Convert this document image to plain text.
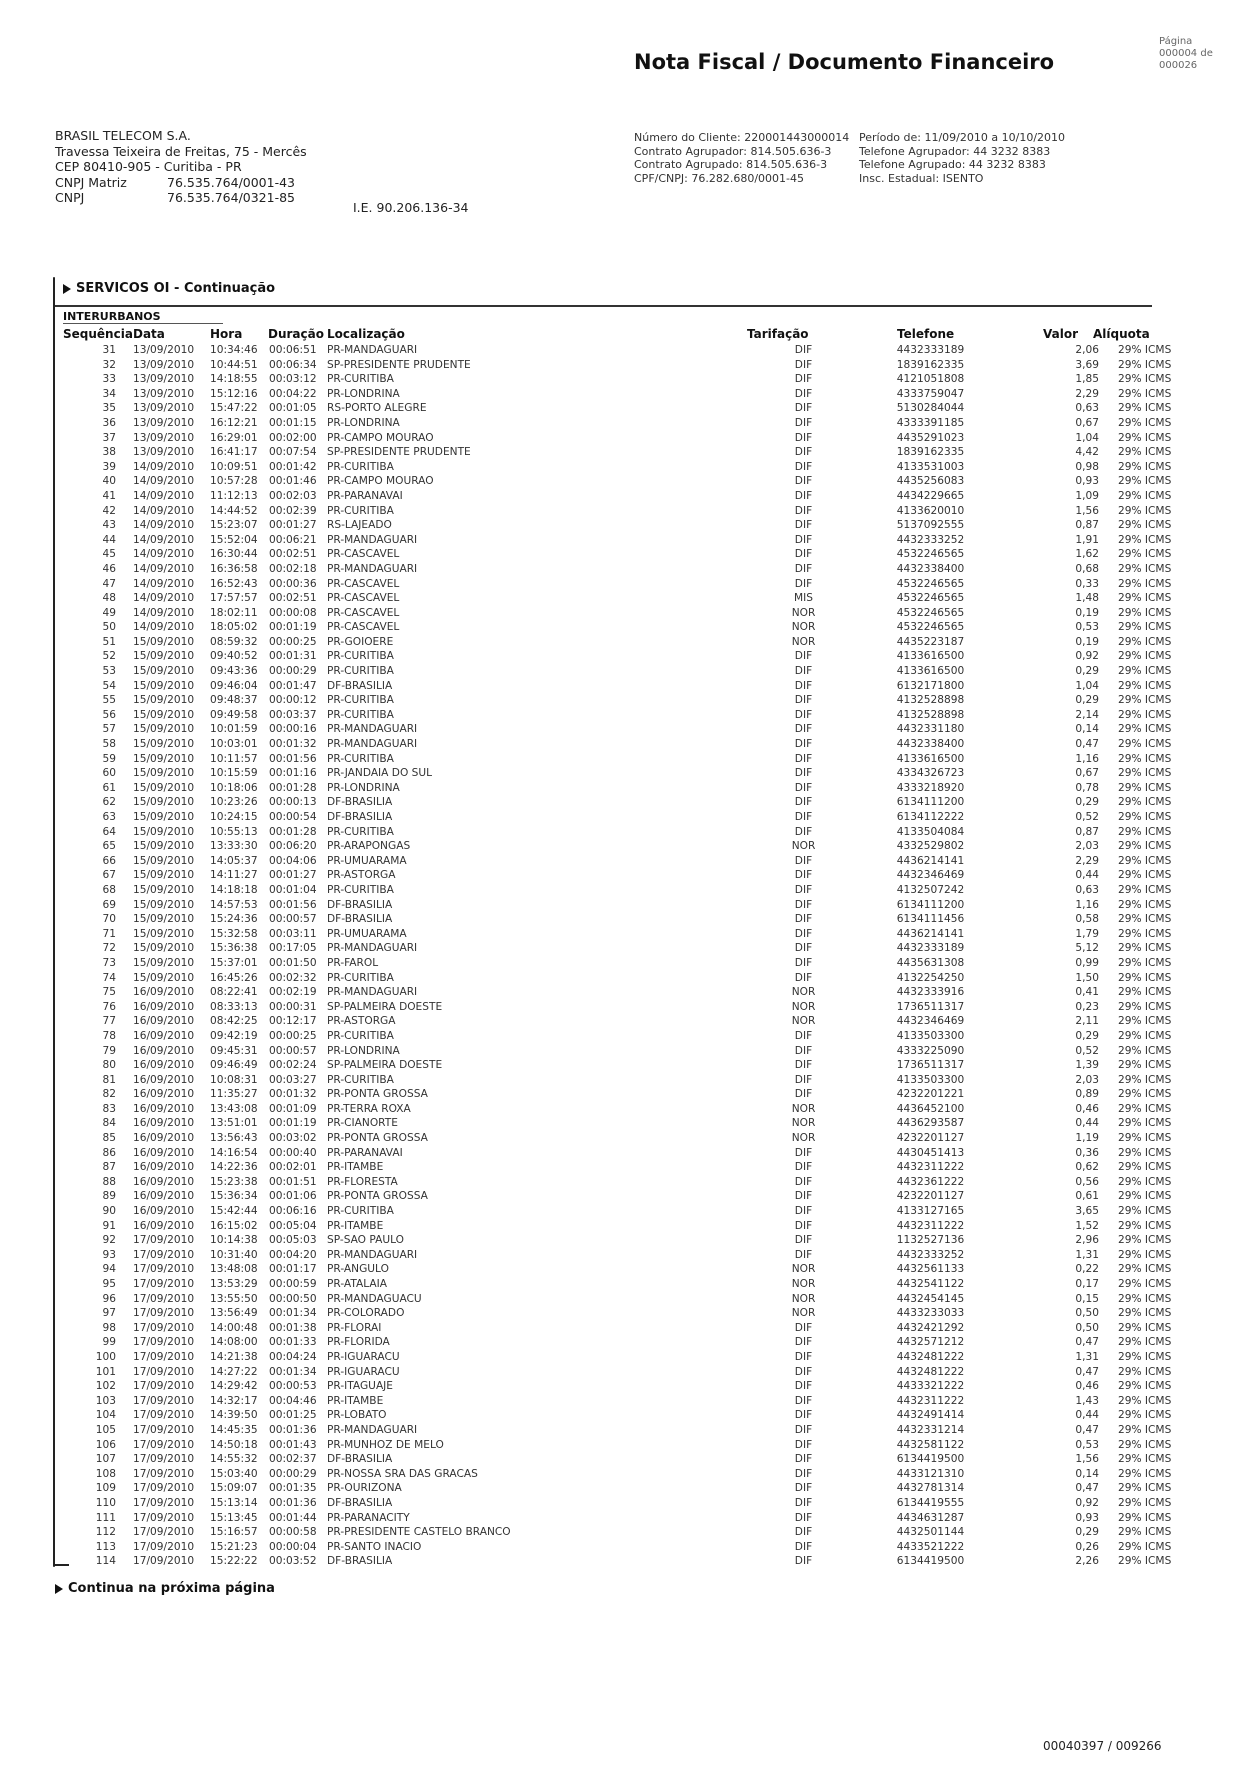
Nota Fiscal / Documento Financeiro
Página
000004 de 000026
BRASIL TELECOM S.A.
Travessa Teixeira de Freitas, 75 - Mercês
CEP 80410-905 - Curitiba - PR
CNPJ Matriz	76.535.764/0001-43
CNPJ	76.535.764/0321-85
I.E. 90.206.136-34
Número do Cliente: 220001443000014
Contrato Agrupador: 814.505.636-3
Contrato Agrupado: 814.505.636-3
CPF/CNPJ: 76.282.680/0001-45
Período de: 11/09/2010 a 10/10/2010
Telefone Agrupador: 44 3232 8383
Telefone Agrupado: 44 3232 8383
Insc. Estadual: ISENTO
SERVICOS OI - Continuação
INTERURBANOS
Sequência Data	Hora Duração Localização	Tarifação	Telefone	Valor Alíquota
31	13/09/2010	10:34:46	00:06:51	PR-MANDAGUARI	DIF	4432333189	2,06	29% ICMS
32	13/09/2010	10:44:51	00:06:34	SP-PRESIDENTE PRUDENTE	DIF	1839162335	3,69	29% ICMS
33	13/09/2010	14:18:55	00:03:12	PR-CURITIBA	DIF	4121051808	1,85	29% ICMS
34	13/09/2010	15:12:16	00:04:22	PR-LONDRINA	DIF	4333759047	2,29	29% ICMS
35	13/09/2010	15:47:22	00:01:05	RS-PORTO ALEGRE	DIF	5130284044	0,63	29% ICMS
36	13/09/2010	16:12:21	00:01:15	PR-LONDRINA	DIF	4333391185	0,67	29% ICMS
37	13/09/2010	16:29:01	00:02:00	PR-CAMPO MOURAO	DIF	4435291023	1,04	29% ICMS
38	13/09/2010	16:41:17	00:07:54	SP-PRESIDENTE PRUDENTE	DIF	1839162335	4,42	29% ICMS
39	14/09/2010	10:09:51	00:01:42	PR-CURITIBA	DIF	4133531003	0,98	29% ICMS
40	14/09/2010	10:57:28	00:01:46	PR-CAMPO MOURAO	DIF	4435256083	0,93	29% ICMS
41	14/09/2010	11:12:13	00:02:03	PR-PARANAVAI	DIF	4434229665	1,09	29% ICMS
42	14/09/2010	14:44:52	00:02:39	PR-CURITIBA	DIF	4133620010	1,56	29% ICMS
43	14/09/2010	15:23:07	00:01:27	RS-LAJEADO	DIF	5137092555	0,87	29% ICMS
44	14/09/2010	15:52:04	00:06:21	PR-MANDAGUARI	DIF	4432333252	1,91	29% ICMS
45	14/09/2010	16:30:44	00:02:51	PR-CASCAVEL	DIF	4532246565	1,62	29% ICMS
46	14/09/2010	16:36:58	00:02:18	PR-MANDAGUARI	DIF	4432338400	0,68	29% ICMS
47	14/09/2010	16:52:43	00:00:36	PR-CASCAVEL	DIF	4532246565	0,33	29% ICMS
48	14/09/2010	17:57:57	00:02:51	PR-CASCAVEL	MIS	4532246565	1,48	29% ICMS
49	14/09/2010	18:02:11	00:00:08	PR-CASCAVEL	NOR	4532246565	0,19	29% ICMS
50	14/09/2010	18:05:02	00:01:19	PR-CASCAVEL	NOR	4532246565	0,53	29% ICMS
51	15/09/2010	08:59:32	00:00:25	PR-GOIOERE	NOR	4435223187	0,19	29% ICMS
52	15/09/2010	09:40:52	00:01:31	PR-CURITIBA	DIF	4133616500	0,92	29% ICMS
53	15/09/2010	09:43:36	00:00:29	PR-CURITIBA	DIF	4133616500	0,29	29% ICMS
54	15/09/2010	09:46:04	00:01:47	DF-BRASILIA	DIF	6132171800	1,04	29% ICMS
55	15/09/2010	09:48:37	00:00:12	PR-CURITIBA	DIF	4132528898	0,29	29% ICMS
56	15/09/2010	09:49:58	00:03:37	PR-CURITIBA	DIF	4132528898	2,14	29% ICMS
57	15/09/2010	10:01:59	00:00:16	PR-MANDAGUARI	DIF	4432331180	0,14	29% ICMS
58	15/09/2010	10:03:01	00:01:32	PR-MANDAGUARI	DIF	4432338400	0,47	29% ICMS
59	15/09/2010	10:11:57	00:01:56	PR-CURITIBA	DIF	4133616500	1,16	29% ICMS
60	15/09/2010	10:15:59	00:01:16	PR-JANDAIA DO SUL	DIF	4334326723	0,67	29% ICMS
61	15/09/2010	10:18:06	00:01:28	PR-LONDRINA	DIF	4333218920	0,78	29% ICMS
62	15/09/2010	10:23:26	00:00:13	DF-BRASILIA	DIF	6134111200	0,29	29% ICMS
63	15/09/2010	10:24:15	00:00:54	DF-BRASILIA	DIF	6134112222	0,52	29% ICMS
64	15/09/2010	10:55:13	00:01:28	PR-CURITIBA	DIF	4133504084	0,87	29% ICMS
65	15/09/2010	13:33:30	00:06:20	PR-ARAPONGAS	NOR	4332529802	2,03	29% ICMS
66	15/09/2010	14:05:37	00:04:06	PR-UMUARAMA	DIF	4436214141	2,29	29% ICMS
67	15/09/2010	14:11:27	00:01:27	PR-ASTORGA	DIF	4432346469	0,44	29% ICMS
68	15/09/2010	14:18:18	00:01:04	PR-CURITIBA	DIF	4132507242	0,63	29% ICMS
69	15/09/2010	14:57:53	00:01:56	DF-BRASILIA	DIF	6134111200	1,16	29% ICMS
70	15/09/2010	15:24:36	00:00:57	DF-BRASILIA	DIF	6134111456	0,58	29% ICMS
71	15/09/2010	15:32:58	00:03:11	PR-UMUARAMA	DIF	4436214141	1,79	29% ICMS
72	15/09/2010	15:36:38	00:17:05	PR-MANDAGUARI	DIF	4432333189	5,12	29% ICMS
73	15/09/2010	15:37:01	00:01:50	PR-FAROL	DIF	4435631308	0,99	29% ICMS
74	15/09/2010	16:45:26	00:02:32	PR-CURITIBA	DIF	4132254250	1,50	29% ICMS
75	16/09/2010	08:22:41	00:02:19	PR-MANDAGUARI	NOR	4432333916	0,41	29% ICMS
76	16/09/2010	08:33:13	00:00:31	SP-PALMEIRA DOESTE	NOR	1736511317	0,23	29% ICMS
77	16/09/2010	08:42:25	00:12:17	PR-ASTORGA	NOR	4432346469	2,11	29% ICMS
78	16/09/2010	09:42:19	00:00:25	PR-CURITIBA	DIF	4133503300	0,29	29% ICMS
79	16/09/2010	09:45:31	00:00:57	PR-LONDRINA	DIF	4333225090	0,52	29% ICMS
80	16/09/2010	09:46:49	00:02:24	SP-PALMEIRA DOESTE	DIF	1736511317	1,39	29% ICMS
81	16/09/2010	10:08:31	00:03:27	PR-CURITIBA	DIF	4133503300	2,03	29% ICMS
82	16/09/2010	11:35:27	00:01:32	PR-PONTA GROSSA	DIF	4232201221	0,89	29% ICMS
83	16/09/2010	13:43:08	00:01:09	PR-TERRA ROXA	NOR	4436452100	0,46	29% ICMS
84	16/09/2010	13:51:01	00:01:19	PR-CIANORTE	NOR	4436293587	0,44	29% ICMS
85	16/09/2010	13:56:43	00:03:02	PR-PONTA GROSSA	NOR	4232201127	1,19	29% ICMS
86	16/09/2010	14:16:54	00:00:40	PR-PARANAVAI	DIF	4430451413	0,36	29% ICMS
87	16/09/2010	14:22:36	00:02:01	PR-ITAMBE	DIF	4432311222	0,62	29% ICMS
88	16/09/2010	15:23:38	00:01:51	PR-FLORESTA	DIF	4432361222	0,56	29% ICMS
89	16/09/2010	15:36:34	00:01:06	PR-PONTA GROSSA	DIF	4232201127	0,61	29% ICMS
90	16/09/2010	15:42:44	00:06:16	PR-CURITIBA	DIF	4133127165	3,65	29% ICMS
91	16/09/2010	16:15:02	00:05:04	PR-ITAMBE	DIF	4432311222	1,52	29% ICMS
92	17/09/2010	10:14:38	00:05:03	SP-SAO PAULO	DIF	1132527136	2,96	29% ICMS
93	17/09/2010	10:31:40	00:04:20	PR-MANDAGUARI	DIF	4432333252	1,31	29% ICMS
94	17/09/2010	13:48:08	00:01:17	PR-ANGULO	NOR	4432561133	0,22	29% ICMS
95	17/09/2010	13:53:29	00:00:59	PR-ATALAIA	NOR	4432541122	0,17	29% ICMS
96	17/09/2010	13:55:50	00:00:50	PR-MANDAGUACU	NOR	4432454145	0,15	29% ICMS
97	17/09/2010	13:56:49	00:01:34	PR-COLORADO	NOR	4433233033	0,50	29% ICMS
98	17/09/2010	14:00:48	00:01:38	PR-FLORAI	DIF	4432421292	0,50	29% ICMS
99	17/09/2010	14:08:00	00:01:33	PR-FLORIDA	DIF	4432571212	0,47	29% ICMS
100	17/09/2010	14:21:38	00:04:24	PR-IGUARACU	DIF	4432481222	1,31	29% ICMS
101	17/09/2010	14:27:22	00:01:34	PR-IGUARACU	DIF	4432481222	0,47	29% ICMS
102	17/09/2010	14:29:42	00:00:53	PR-ITAGUAJE	DIF	4433321222	0,46	29% ICMS
103	17/09/2010	14:32:17	00:04:46	PR-ITAMBE	DIF	4432311222	1,43	29% ICMS
104	17/09/2010	14:39:50	00:01:25	PR-LOBATO	DIF	4432491414	0,44	29% ICMS
105	17/09/2010	14:45:35	00:01:36	PR-MANDAGUARI	DIF	4432331214	0,47	29% ICMS
106	17/09/2010	14:50:18	00:01:43	PR-MUNHOZ DE MELO	DIF	4432581122	0,53	29% ICMS
107	17/09/2010	14:55:32	00:02:37	DF-BRASILIA	DIF	6134419500	1,56	29% ICMS
108	17/09/2010	15:03:40	00:00:29	PR-NOSSA SRA DAS GRACAS	DIF	4433121310	0,14	29% ICMS
109	17/09/2010	15:09:07	00:01:35	PR-OURIZONA	DIF	4432781314	0,47	29% ICMS
110	17/09/2010	15:13:14	00:01:36	DF-BRASILIA	DIF	6134419555	0,92	29% ICMS
111	17/09/2010	15:13:45	00:01:44	PR-PARANACITY	DIF	4434631287	0,93	29% ICMS
112	17/09/2010	15:16:57	00:00:58	PR-PRESIDENTE CASTELO BRANCO	DIF	4432501144	0,29	29% ICMS
113	17/09/2010	15:21:23	00:00:04	PR-SANTO INACIO	DIF	4433521222	0,26	29% ICMS
114	17/09/2010	15:22:22	00:03:52	DF-BRASILIA	DIF	6134419500	2,26	29% ICMS
Continua na próxima página
00040397 / 009266
